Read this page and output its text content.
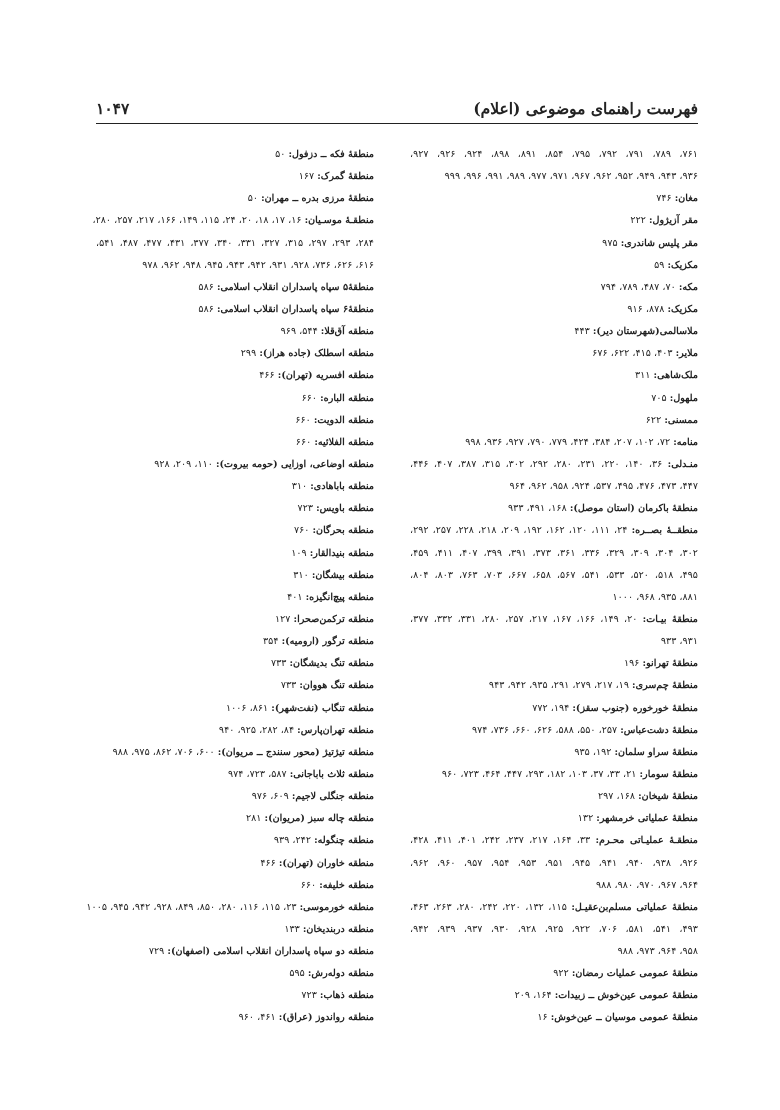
فهرست راهنمای موضوعی (اعلام)
۱۰۴۷
۷۶۱، ۷۸۹، ۷۹۱، ۷۹۲، ۷۹۵، ۸۵۴، ۸۹۱، ۸۹۸، ۹۲۴، ۹۲۶، ۹۲۷،
۹۳۶، ۹۴۳، ۹۴۹، ۹۵۲، ۹۶۲، ۹۶۷، ۹۷۱، ۹۷۷، ۹۸۹، ۹۹۱، ۹۹۶، ۹۹۹
مغان: ۷۴۶
مقر آزیژول: ۲۲۲
مقر پلیس شاندری: ۹۷۵
مکزیک: ۵۹
مکه: ۷۰، ۴۸۷، ۷۸۹، ۷۹۴
مکزیک: ۸۷۸، ۹۱۶
ملاسالمی(شهرستان دیر): ۴۴۳
ملایر: ۴۰۳، ۴۱۵، ۶۲۲، ۶۷۶
ملک‌شاهی: ۳۱۱
ملهول: ۷۰۵
ممسنی: ۶۲۲
منامه: ۷۲، ۱۰۲، ۲۰۷، ۳۸۴، ۴۲۴، ۷۷۹، ۷۹۰، ۹۲۷، ۹۳۶، ۹۹۸
منـدلی: ۳۶، ۱۴۰، ۲۲۰، ۲۳۱، ۲۸۰، ۲۹۲، ۳۰۲، ۳۱۵، ۳۸۷، ۴۰۷، ۴۴۶،
۴۴۷، ۴۷۳، ۴۷۶، ۴۹۵، ۵۳۷، ۹۲۴، ۹۵۸، ۹۶۲، ۹۶۴
منطقهٔ باکرمان (استان موصل): ۱۶۸، ۴۹۱، ۹۳۳
منطقــهٔ بصــره: ۲۴، ۱۱۱، ۱۲۰، ۱۶۲، ۱۹۲، ۲۰۹، ۲۱۸، ۲۲۸، ۲۵۷، ۲۹۲،
۳۰۲، ۳۰۴، ۳۰۹، ۳۲۹، ۳۳۶، ۳۶۱، ۳۷۳، ۳۹۱، ۳۹۹، ۴۰۷، ۴۱۱، ۴۵۹،
۴۹۵، ۵۱۸، ۵۲۰، ۵۳۳، ۵۴۱، ۵۶۷، ۶۵۸، ۶۶۷، ۷۰۳، ۷۶۳، ۸۰۳، ۸۰۴،
۸۸۱، ۹۳۵، ۹۶۸، ۱۰۰۰
منطقهٔ بیـات: ۲۰، ۱۴۹، ۱۶۶، ۱۶۷، ۲۱۷، ۲۵۷، ۲۸۰، ۳۳۱، ۳۳۲، ۳۷۷،
۹۳۱، ۹۳۳
منطقهٔ تهرانو: ۱۹۶
منطقهٔ چم‌سری: ۱۹، ۲۱۷، ۲۷۹، ۲۹۱، ۹۳۵، ۹۴۲، ۹۴۳
منطقهٔ خورخوره (جنوب سقز): ۱۹۴، ۷۷۲
منطقهٔ دشت‌عباس: ۲۵۷، ۵۵۰، ۵۸۸، ۶۲۶، ۶۶۰، ۷۳۶، ۹۷۴
منطقهٔ سراو سلمان: ۱۹۲، ۹۳۵
منطقهٔ سومار: ۲۱، ۳۳، ۳۷، ۱۰۳، ۱۸۲، ۲۹۳، ۴۴۷، ۴۶۴، ۷۲۳، ۹۶۰
منطقهٔ شیخان: ۱۶۸، ۲۹۷
منطقهٔ عملیاتی خرمشهر: ۱۳۲
منطقـهٔ عملیـاتی محـرم: ۳۳، ۱۶۴، ۲۱۷، ۲۳۷، ۲۴۲، ۴۰۱، ۴۱۱، ۴۲۸،
۹۲۶، ۹۳۸، ۹۴۰، ۹۴۱، ۹۴۵، ۹۵۱، ۹۵۳، ۹۵۴، ۹۵۷، ۹۶۰، ۹۶۲،
۹۶۴، ۹۶۷، ۹۷۰، ۹۸۰، ۹۸۸
منطقهٔ عملیاتی مسلم‌بن‌عقیـل: ۱۱۵، ۱۳۲، ۲۲۰، ۲۴۲، ۲۸۰، ۲۶۳، ۴۶۳،
۴۹۳، ۵۴۱، ۵۸۱، ۷۰۶، ۹۲۲، ۹۲۵، ۹۲۸، ۹۳۰، ۹۳۷، ۹۳۹، ۹۴۲،
۹۵۸، ۹۶۴، ۹۷۳، ۹۸۸
منطقهٔ عمومی عملیات رمضان: ۹۲۲
منطقهٔ عمومی عین‌خوش ــ زبیدات: ۱۶۴، ۲۰۹
منطقهٔ عمومی موسیان ــ عین‌خوش: ۱۶
منطقهٔ فکه ــ دزفول: ۵۰
منطقهٔ گمرک: ۱۶۷
منطقهٔ مرزی بدره ــ مهران: ۵۰
منطقـهٔ موسـیان: ۱۶، ۱۷، ۱۸، ۲۰، ۲۴، ۱۱۵، ۱۴۹، ۱۶۶، ۲۱۷، ۲۵۷، ۲۸۰،
۲۸۴، ۲۹۳، ۲۹۷، ۳۱۵، ۳۲۷، ۳۳۱، ۳۴۰، ۳۷۷، ۴۳۱، ۴۷۷، ۴۸۷، ۵۴۱،
۶۱۶، ۶۲۶، ۷۳۶، ۹۲۸، ۹۳۱، ۹۴۲، ۹۴۳، ۹۴۵، ۹۴۸، ۹۶۲، ۹۷۸
منطقهٔ۵ سپاه پاسداران انقلاب اسلامی: ۵۸۶
منطقهٔ۶ سپاه پاسداران انقلاب اسلامی: ۵۸۶
منطقه آق‌قلا: ۵۴۴، ۹۶۹
منطقه اسطلک (جاده هراز): ۲۹۹
منطقه افسریه (تهران): ۴۶۶
منطقه الباره: ۶۶۰
منطقه الدویت: ۶۶۰
منطقه الفلائیه: ۶۶۰
منطقه اوضاعی، اوزایی (حومه بیروت): ۱۱۰، ۲۰۹، ۹۲۸
منطقه باباهادی: ۳۱۰
منطقه باویس: ۷۲۳
منطقه بحرگان: ۷۶۰
منطقه بنیدالقار: ۱۰۹
منطقه بیشگان: ۳۱۰
منطقه پیچ‌انگیزه: ۴۰۱
منطقه ترکمن‌صحرا: ۱۲۷
منطقه ترگور (ارومیه): ۳۵۴
منطقه تنگ بدیشگان: ۷۳۳
منطقه تنگ هووان: ۷۳۳
منطقه تنگاب (نفت‌شهر): ۸۶۱، ۱۰۰۶
منطقه تهران‌پارس: ۸۴، ۲۸۲، ۹۲۵، ۹۴۰
منطقه تیژتیژ (محور سنندج ــ مریوان): ۶۰۰، ۷۰۶، ۸۶۲، ۹۷۵، ۹۸۸
منطقه ثلاث باباجانی: ۵۸۷، ۷۲۳، ۹۷۴
منطقه جنگلی لاجیم: ۶۰۹، ۹۷۶
منطقه چاله سبز (مریوان): ۲۸۱
منطقه چنگوله: ۲۴۲، ۹۳۹
منطقه خاوران (تهران): ۴۶۶
منطقه خلیفه: ۶۶۰
منطقه خورموسی: ۲۳، ۱۱۵، ۱۱۶، ۲۸۰، ۸۵۰، ۸۴۹، ۹۲۸، ۹۴۲، ۹۴۵، ۱۰۰۵
منطقه دربندیخان: ۱۳۳
منطقه دو سپاه پاسداران انقلاب اسلامی (اصفهان): ۷۲۹
منطقه دولەرش: ۵۹۵
منطقه ذهاب: ۷۲۳
منطقه رواندوز (عراق): ۴۶۱، ۹۶۰
